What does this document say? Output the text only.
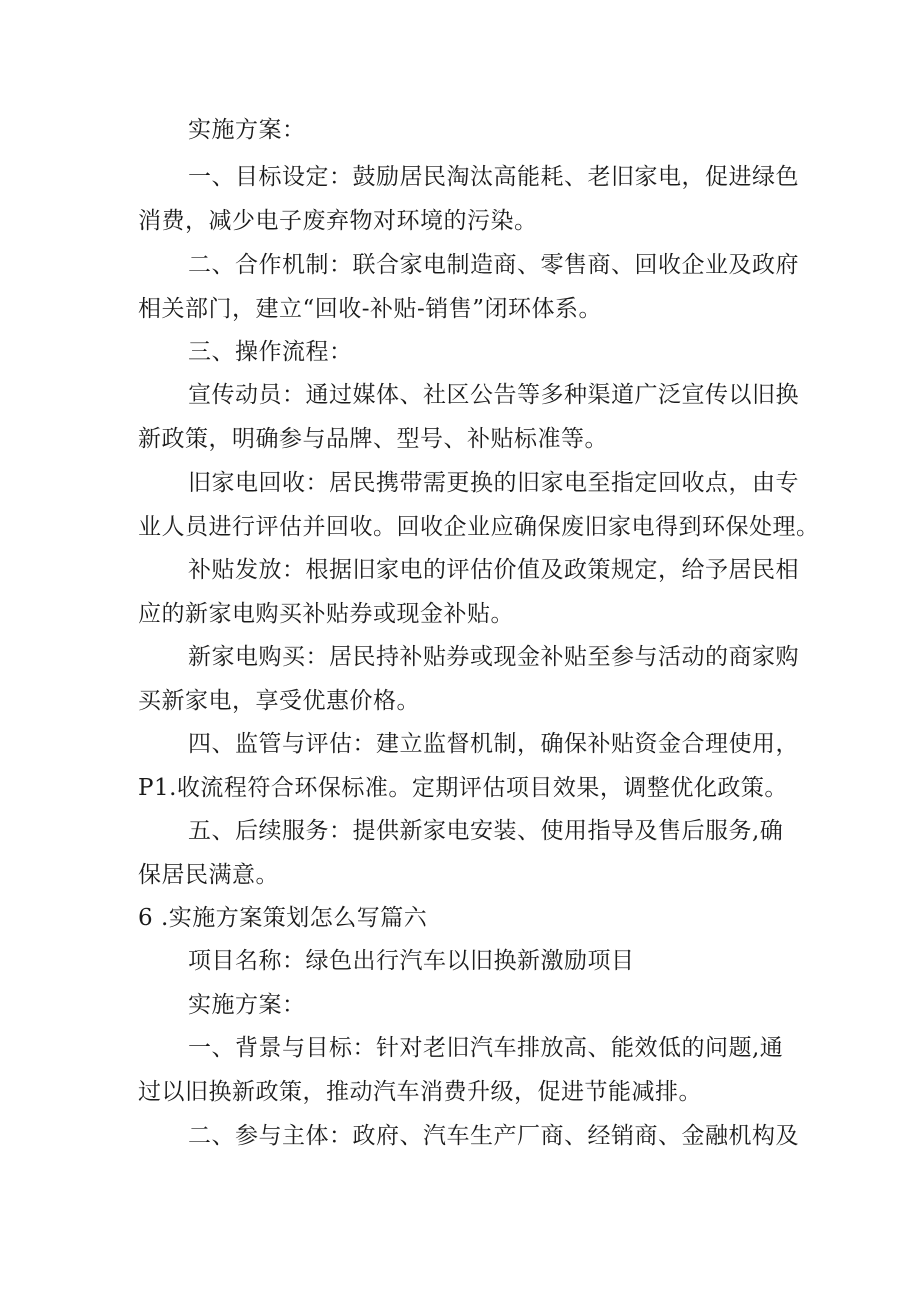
实施方案：
一、目标设定：鼓励居民淘汰高能耗、老旧家电，促进绿色
消费，减少电子废弃物对环境的污染。
二、合作机制：联合家电制造商、零售商、回收企业及政府
相关部门，建立“回收-补贴-销售”闭环体系。
三、操作流程：
宣传动员：通过媒体、社区公告等多种渠道广泛宣传以旧换
新政策，明确参与品牌、型号、补贴标准等。
旧家电回收：居民携带需更换的旧家电至指定回收点，由专
业人员进行评估并回收。回收企业应确保废旧家电得到环保处理。
补贴发放：根据旧家电的评估价值及政策规定，给予居民相
应的新家电购买补贴券或现金补贴。
新家电购买：居民持补贴券或现金补贴至参与活动的商家购
买新家电，享受优惠价格。
四、监管与评估：建立监督机制，确保补贴资金合理使用，
P1.收流程符合环保标准。定期评估项目效果，调整优化政策。
五、后续服务：提供新家电安装、使用指导及售后服务,确
保居民满意。
6 .实施方案策划怎么写篇六
项目名称：绿色出行汽车以旧换新激励项目
实施方案：
一、背景与目标：针对老旧汽车排放高、能效低的问题,通
过以旧换新政策，推动汽车消费升级，促进节能减排。
二、参与主体：政府、汽车生产厂商、经销商、金融机构及
